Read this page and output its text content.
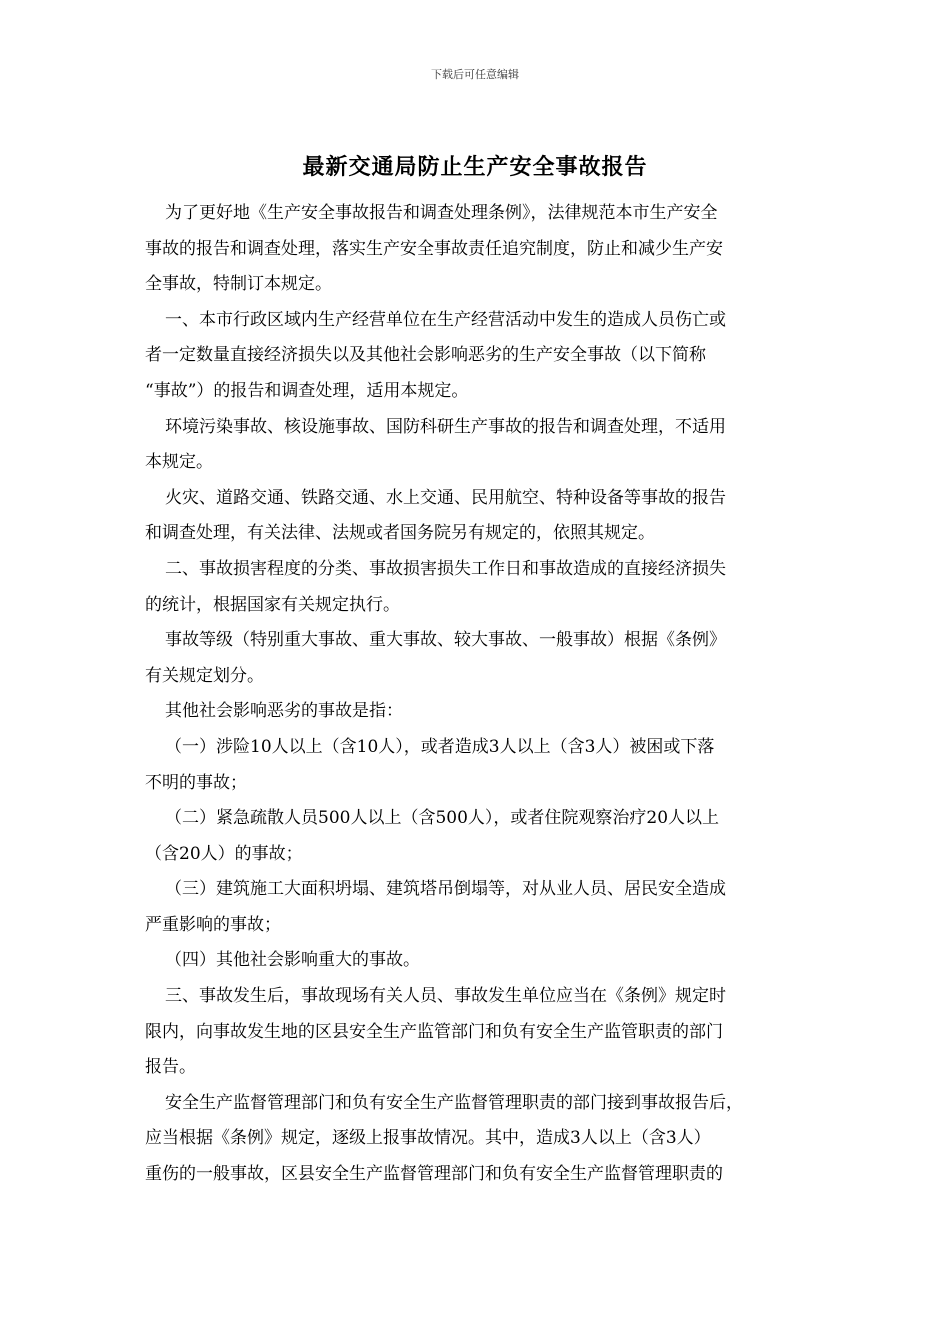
下载后可任意编辑
最新交通局防止生产安全事故报告
为了更好地《生产安全事故报告和调查处理条例》，法律规范本市生产安全
事故的报告和调查处理，落实生产安全事故责任追究制度，防止和减少生产安
全事故，特制订本规定。
一、本市行政区域内生产经营单位在生产经营活动中发生的造成人员伤亡或
者一定数量直接经济损失以及其他社会影响恶劣的生产安全事故（以下简称
“事故”）的报告和调查处理，适用本规定。
环境污染事故、核设施事故、国防科研生产事故的报告和调查处理，不适用
本规定。
火灾、道路交通、铁路交通、水上交通、民用航空、特种设备等事故的报告
和调查处理，有关法律、法规或者国务院另有规定的，依照其规定。
二、事故损害程度的分类、事故损害损失工作日和事故造成的直接经济损失
的统计，根据国家有关规定执行。
事故等级（特别重大事故、重大事故、较大事故、一般事故）根据《条例》
有关规定划分。
其他社会影响恶劣的事故是指：
（一）涉险10人以上（含10人），或者造成3人以上（含3人）被困或下落
不明的事故；
（二）紧急疏散人员500人以上（含500人），或者住院观察治疗20人以上
（含20人）的事故；
（三）建筑施工大面积坍塌、建筑塔吊倒塌等，对从业人员、居民安全造成
严重影响的事故；
（四）其他社会影响重大的事故。
三、事故发生后，事故现场有关人员、事故发生单位应当在《条例》规定时
限内，向事故发生地的区县安全生产监管部门和负有安全生产监管职责的部门
报告。
安全生产监督管理部门和负有安全生产监督管理职责的部门接到事故报告后，
应当根据《条例》规定，逐级上报事故情况。其中，造成3人以上（含3人）
重伤的一般事故，区县安全生产监督管理部门和负有安全生产监督管理职责的
